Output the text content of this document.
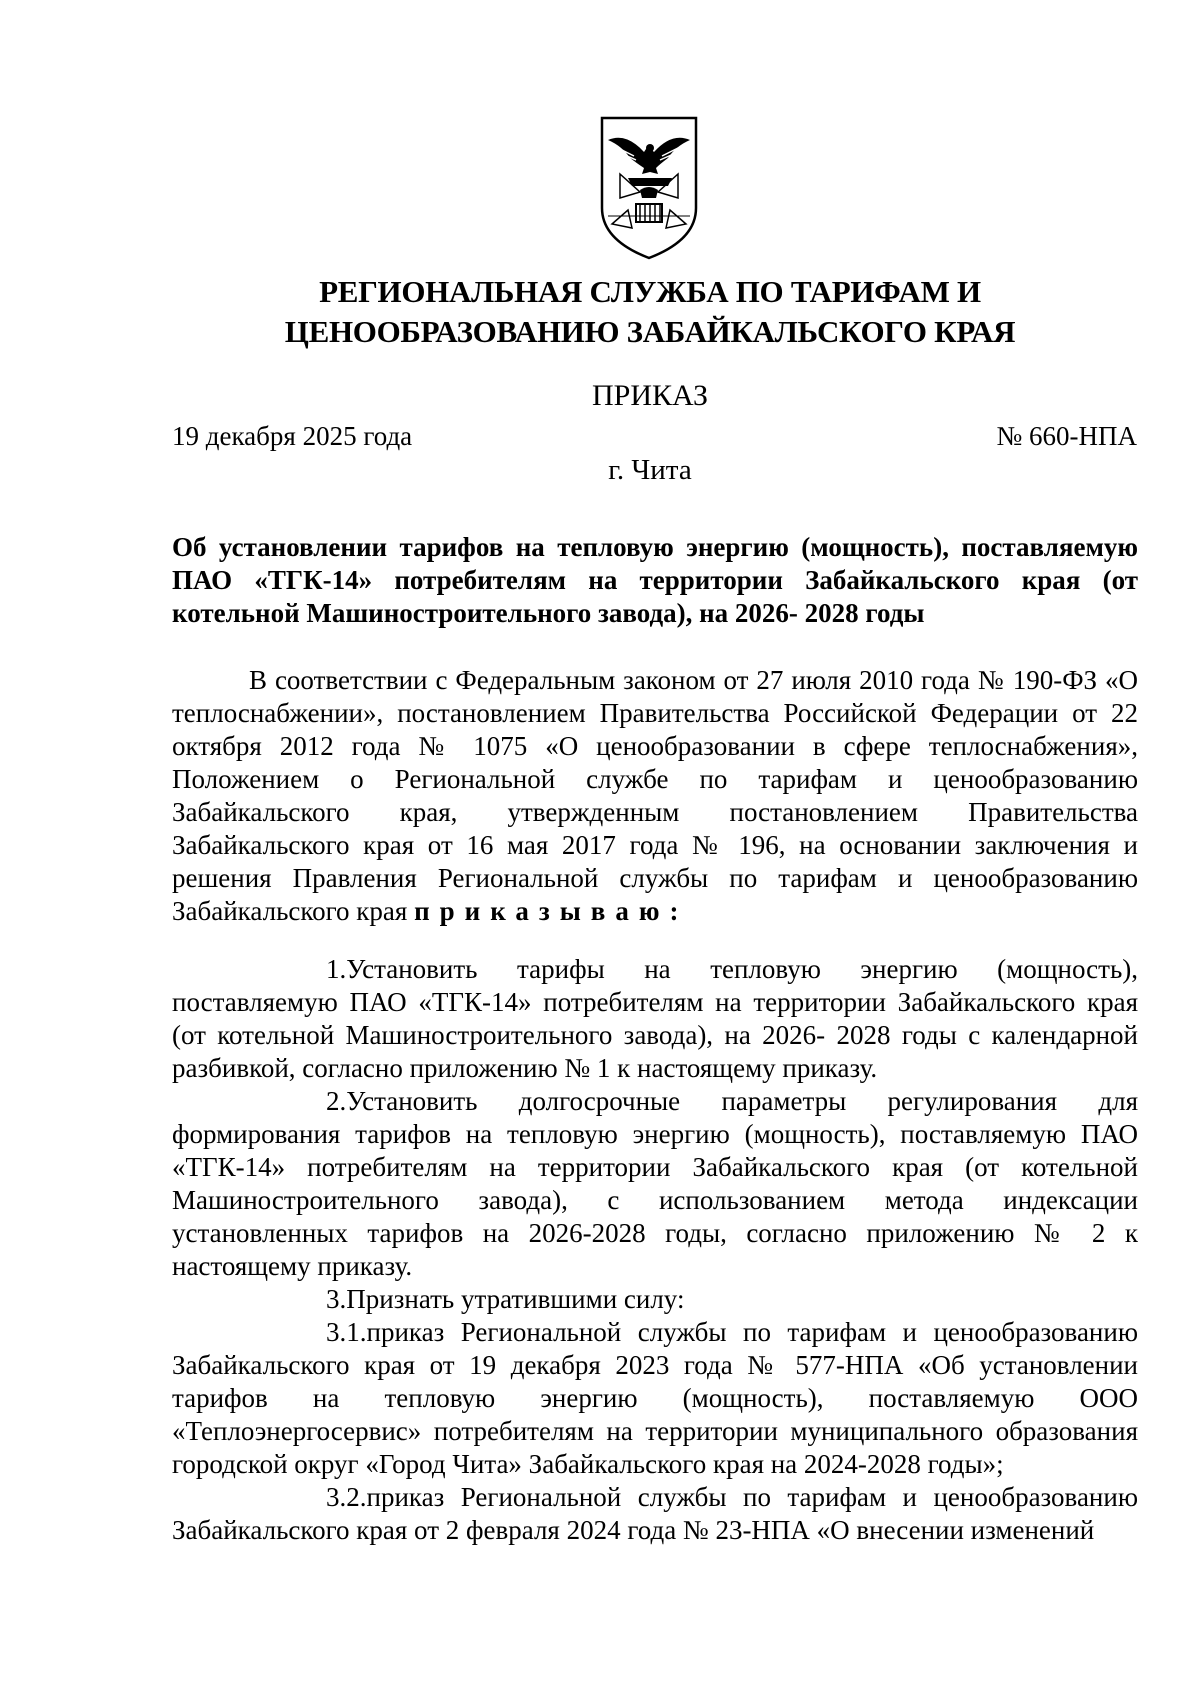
РЕГИОНАЛЬНАЯ СЛУЖБА ПО ТАРИФАМ И
ЦЕНООБРАЗОВАНИЮ ЗАБАЙКАЛЬСКОГО КРАЯ
ПРИКАЗ
19 декабря 2025 года	№ 660-НПА
г. Чита
Об установлении тарифов на тепловую энергию (мощность), поставляемую ПАО «ТГК-14» потребителям на территории Забайкальского края (от котельной Машиностроительного завода), на 2026- 2028 годы

В соответствии с Федеральным законом от 27 июля 2010 года № 190-ФЗ «О теплоснабжении», постановлением Правительства Российской Федерации от 22 октября 2012 года № 1075 «О ценообразовании в сфере теплоснабжения», Положением о Региональной службе по тарифам и ценообразованию Забайкальского края, утвержденным постановлением Правительства Забайкальского края от 16 мая 2017 года № 196, на основании заключения и решения Правления Региональной службы по тарифам и ценообразованию Забайкальского края приказываю:

1.Установить тарифы на тепловую энергию (мощность), поставляемую ПАО «ТГК-14» потребителям на территории Забайкальского края (от котельной Машиностроительного завода), на 2026- 2028 годы с календарной разбивкой, согласно приложению № 1 к настоящему приказу.

2.Установить долгосрочные параметры регулирования для формирования тарифов на тепловую энергию (мощность), поставляемую ПАО «ТГК-14» потребителям на территории Забайкальского края (от котельной Машиностроительного завода), с использованием метода индексации установленных тарифов на 2026-2028 годы, согласно приложению № 2 к настоящему приказу.

3.Признать утратившими силу:

3.1.приказ Региональной службы по тарифам и ценообразованию Забайкальского края от 19 декабря 2023 года № 577-НПА «Об установлении тарифов на тепловую энергию (мощность), поставляемую ООО «Теплоэнергосервис» потребителям на территории муниципального образования городской округ «Город Чита» Забайкальского края на 2024-2028 годы»;

3.2.приказ Региональной службы по тарифам и ценообразованию Забайкальского края от 2 февраля 2024 года № 23-НПА «О внесении изменений
